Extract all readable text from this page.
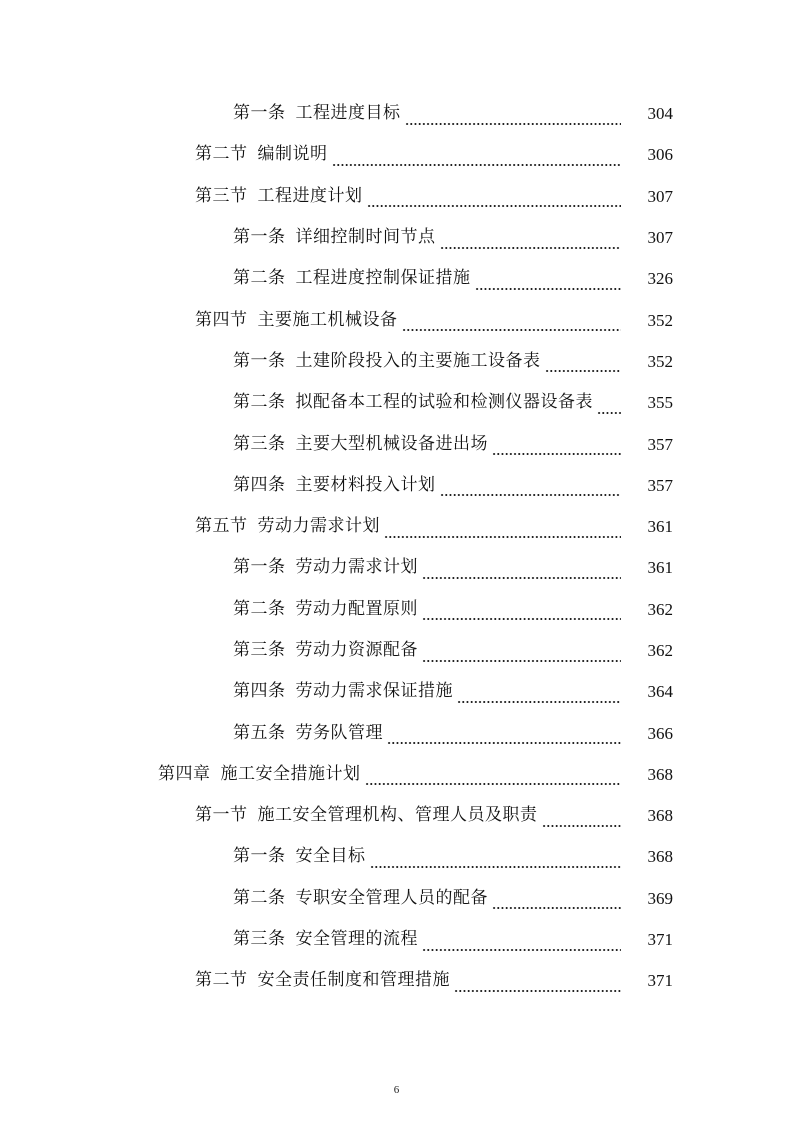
第一条 工程进度目标	304
第二节 编制说明	306
第三节 工程进度计划	307
第一条 详细控制时间节点	307
第二条 工程进度控制保证措施	326
第四节 主要施工机械设备	352
第一条 土建阶段投入的主要施工设备表	352
第二条 拟配备本工程的试验和检测仪器设备表	355
第三条 主要大型机械设备进出场	357
第四条 主要材料投入计划	357
第五节 劳动力需求计划	361
第一条 劳动力需求计划	361
第二条 劳动力配置原则	362
第三条 劳动力资源配备	362
第四条 劳动力需求保证措施	364
第五条 劳务队管理	366
第四章 施工安全措施计划	368
第一节 施工安全管理机构、管理人员及职责	368
第一条 安全目标	368
第二条 专职安全管理人员的配备	369
第三条 安全管理的流程	371
第二节 安全责任制度和管理措施	371
6
